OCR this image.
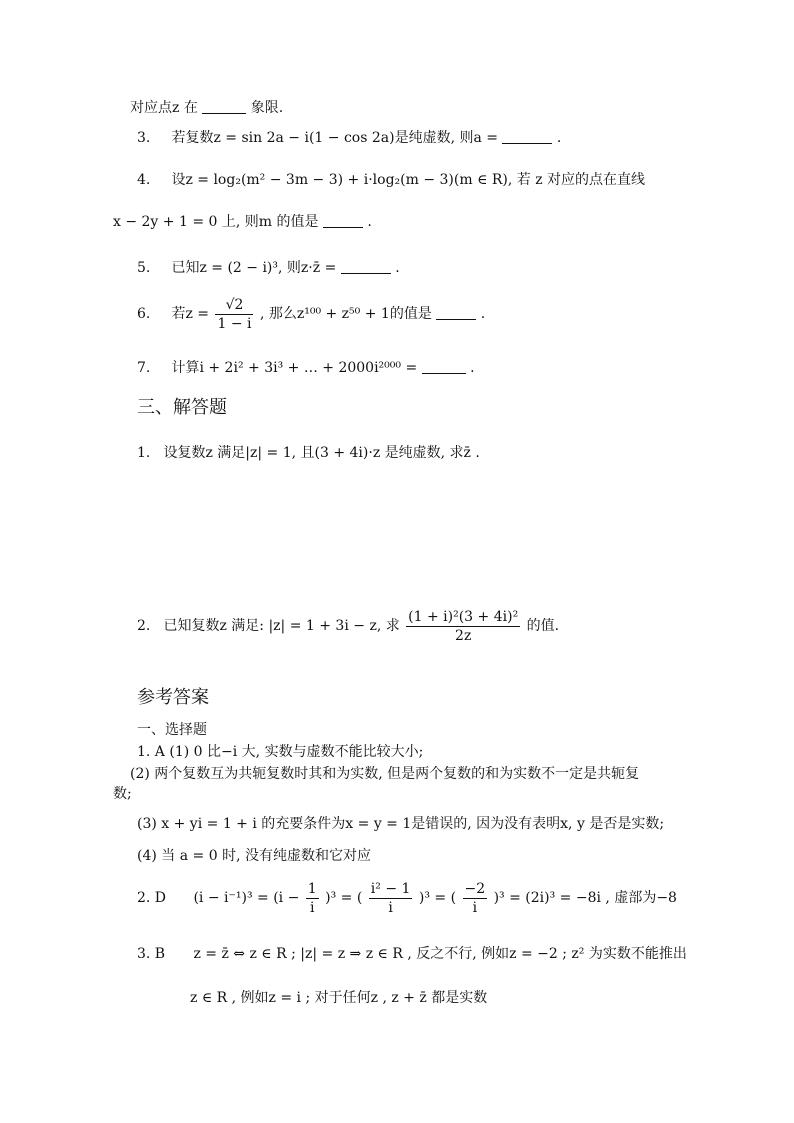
对应点z 在	象限.
3. 若复数z = sin 2a − i(1 − cos 2a)是纯虚数, 则a =	.
4. 设z = log₂(m² − 3m − 3) + i·log₂(m − 3)(m ∈ R), 若 z 对应的点在直线
x − 2y + 1 = 0 上, 则m 的值是	.
5. 已知z = (2 − i)³, 则z·z̄ =	.
6. 若$z = \frac{√2}{1 - i}$ , 那么z¹⁰⁰ + z⁵⁰ + 1的值是	.
7. 计算i + 2i² + 3i³ + … + 2000i²⁰⁰⁰ =	.
三、解答题
1. 设复数z 满足|z| = 1, 且(3 + 4i)·z 是纯虚数, 求z̄ .
2. 已知复数z 满足: |z| = 1 + 3i − z, 求 $\frac{\text{(1 + i)²(3 + 4i)²}}{2z}$ 的值.
参考答案
一、选择题
1. A (1) 0 比−i 大, 实数与虚数不能比较大小;
(2) 两个复数互为共轭复数时其和为实数, 但是两个复数的和为实数不一定是共轭复
数;
(3) x + yi = 1 + i 的充要条件为x = y = 1是错误的, 因为没有表明x, y 是否是实数;
(4) 当 a = 0 时, 没有纯虚数和它对应
2. D $(i - i^{-1})^3 = (i - \frac{1}{i} )^3$ = ( $\frac{\text{i² − 1}}{i} )^3$ = ( $\frac{-2}{i} )^3 = (2i)^3 = -8i$ , 虚部为−8
3. B z = z̄ ⇔ z ∈ R ; |z| = z ⇒ z ∈ R , 反之不行, 例如z = −2 ; z² 为实数不能推出
z ∈ R , 例如z = i ; 对于任何z , z + z̄ 都是实数
